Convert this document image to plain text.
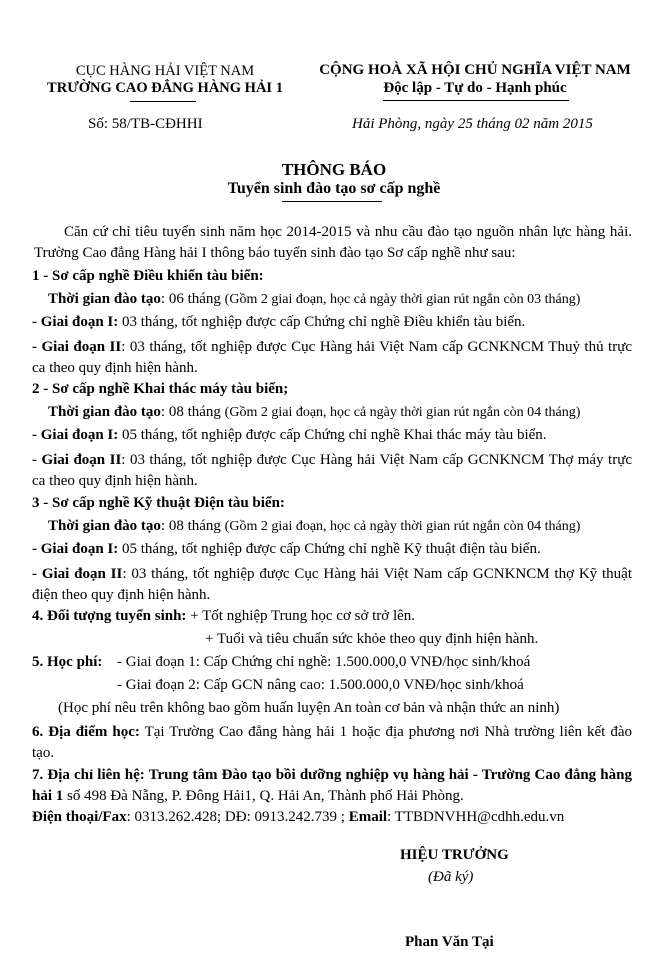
CỤC HÀNG HẢI VIỆT NAM
TRƯỜNG CAO ĐẲNG HÀNG HẢI 1
Số: 58/TB-CĐHHI
CỘNG HOÀ XÃ HỘI CHỦ NGHĨA VIỆT NAM
Độc lập - Tự do - Hạnh phúc
Hải Phòng, ngày 25 tháng 02 năm 2015
THÔNG BÁO
Tuyển sinh đào tạo sơ cấp nghề
Căn cứ chỉ tiêu tuyển sinh năm học 2014-2015 và nhu cầu đào tạo nguồn nhân lực hàng hải. Trường Cao đẳng Hàng hải I thông báo tuyển sinh đào tạo Sơ cấp nghề như sau:
1 - Sơ cấp nghề Điều khiển tàu biển:
Thời gian đào tạo: 06 tháng (Gồm 2 giai đoạn, học cả ngày thời gian rút ngắn còn 03 tháng)
- Giai đoạn I: 03 tháng, tốt nghiệp được cấp Chứng chỉ nghề Điều khiển tàu biển.
- Giai đoạn II: 03 tháng, tốt nghiệp được Cục Hàng hải Việt Nam cấp GCNKNCM Thuỷ thủ trực ca theo quy định hiện hành.
2 - Sơ cấp nghề Khai thác máy tàu biển;
Thời gian đào tạo: 08 tháng (Gồm 2 giai đoạn, học cả ngày thời gian rút ngắn còn 04 tháng)
- Giai đoạn I: 05 tháng, tốt nghiệp được cấp Chứng chỉ nghề Khai thác máy tàu biển.
- Giai đoạn II: 03 tháng, tốt nghiệp được Cục Hàng hải Việt Nam cấp GCNKNCM Thợ máy trực ca theo quy định hiện hành.
3 - Sơ cấp nghề Kỹ thuật Điện tàu biển:
Thời gian đào tạo: 08 tháng (Gồm 2 giai đoạn, học cả ngày thời gian rút ngắn còn 04 tháng)
- Giai đoạn I: 05 tháng, tốt nghiệp được cấp Chứng chỉ nghề Kỹ thuật điện tàu biển.
- Giai đoạn II: 03 tháng, tốt nghiệp được Cục Hàng hải Việt Nam cấp GCNKNCM thợ Kỹ thuật điện theo quy định hiện hành.
4. Đối tượng tuyển sinh: + Tốt nghiệp Trung học cơ sở trở lên.
+ Tuổi và tiêu chuẩn sức khỏe theo quy định hiện hành.
5. Học phí: - Giai đoạn 1: Cấp Chứng chỉ nghề: 1.500.000,0 VNĐ/học sinh/khoá
- Giai đoạn 2: Cấp GCN nâng cao: 1.500.000,0 VNĐ/học sinh/khoá
(Học phí nêu trên không bao gồm huấn luyện An toàn cơ bản và nhận thức an ninh)
6. Địa điểm học: Tại Trường Cao đẳng hàng hải 1 hoặc địa phương nơi Nhà trường liên kết đào tạo.
7. Địa chỉ liên hệ: Trung tâm Đào tạo bồi dưỡng nghiệp vụ hàng hải - Trường Cao đẳng hàng hải 1 số 498 Đà Nẵng, P. Đông Hải1, Q. Hải An, Thành phố Hải Phòng.
Điện thoại/Fax: 0313.262.428; DĐ: 0913.242.739 ; Email: TTBDNVHH@cdhh.edu.vn
HIỆU TRƯỞNG
(Đã ký)
Phan Văn Tại
